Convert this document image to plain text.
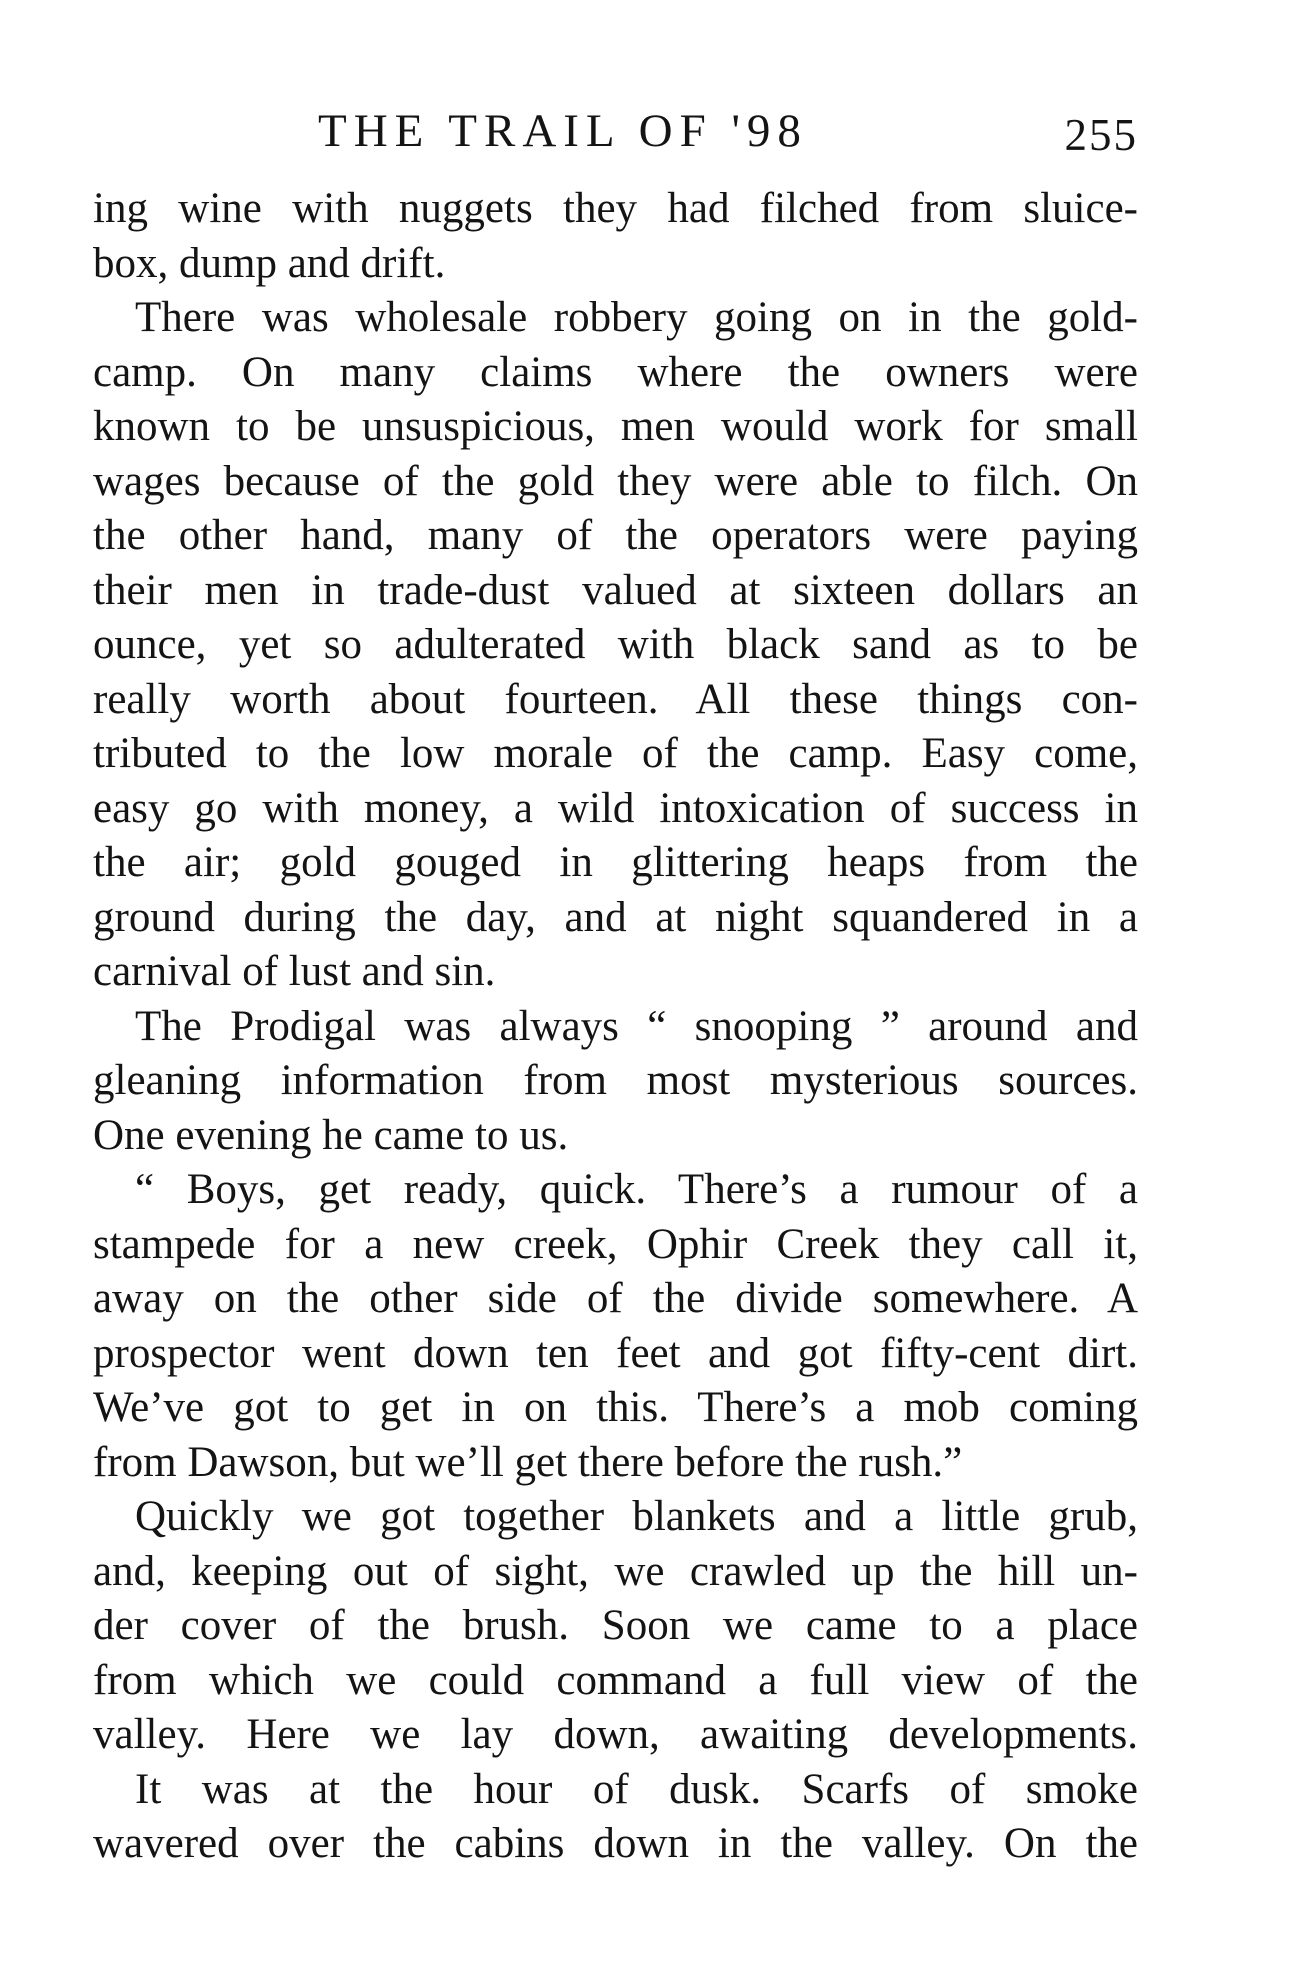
THE TRAIL OF '98	255
ing wine with nuggets they had filched from sluice-
box, dump and drift.
There was wholesale robbery going on in the gold-
camp. On many claims where the owners were
known to be unsuspicious, men would work for small
wages because of the gold they were able to filch. On
the other hand, many of the operators were paying
their men in trade-dust valued at sixteen dollars an
ounce, yet so adulterated with black sand as to be
really worth about fourteen. All these things con-
tributed to the low morale of the camp. Easy come,
easy go with money, a wild intoxication of success in
the air; gold gouged in glittering heaps from the
ground during the day, and at night squandered in a
carnival of lust and sin.
The Prodigal was always “ snooping ” around and
gleaning information from most mysterious sources.
One evening he came to us.
“ Boys, get ready, quick. There’s a rumour of a
stampede for a new creek, Ophir Creek they call it,
away on the other side of the divide somewhere. A
prospector went down ten feet and got fifty-cent dirt.
We’ve got to get in on this. There’s a mob coming
from Dawson, but we’ll get there before the rush.”
Quickly we got together blankets and a little grub,
and, keeping out of sight, we crawled up the hill un-
der cover of the brush. Soon we came to a place
from which we could command a full view of the
valley. Here we lay down, awaiting developments.
It was at the hour of dusk. Scarfs of smoke
wavered over the cabins down in the valley. On the
